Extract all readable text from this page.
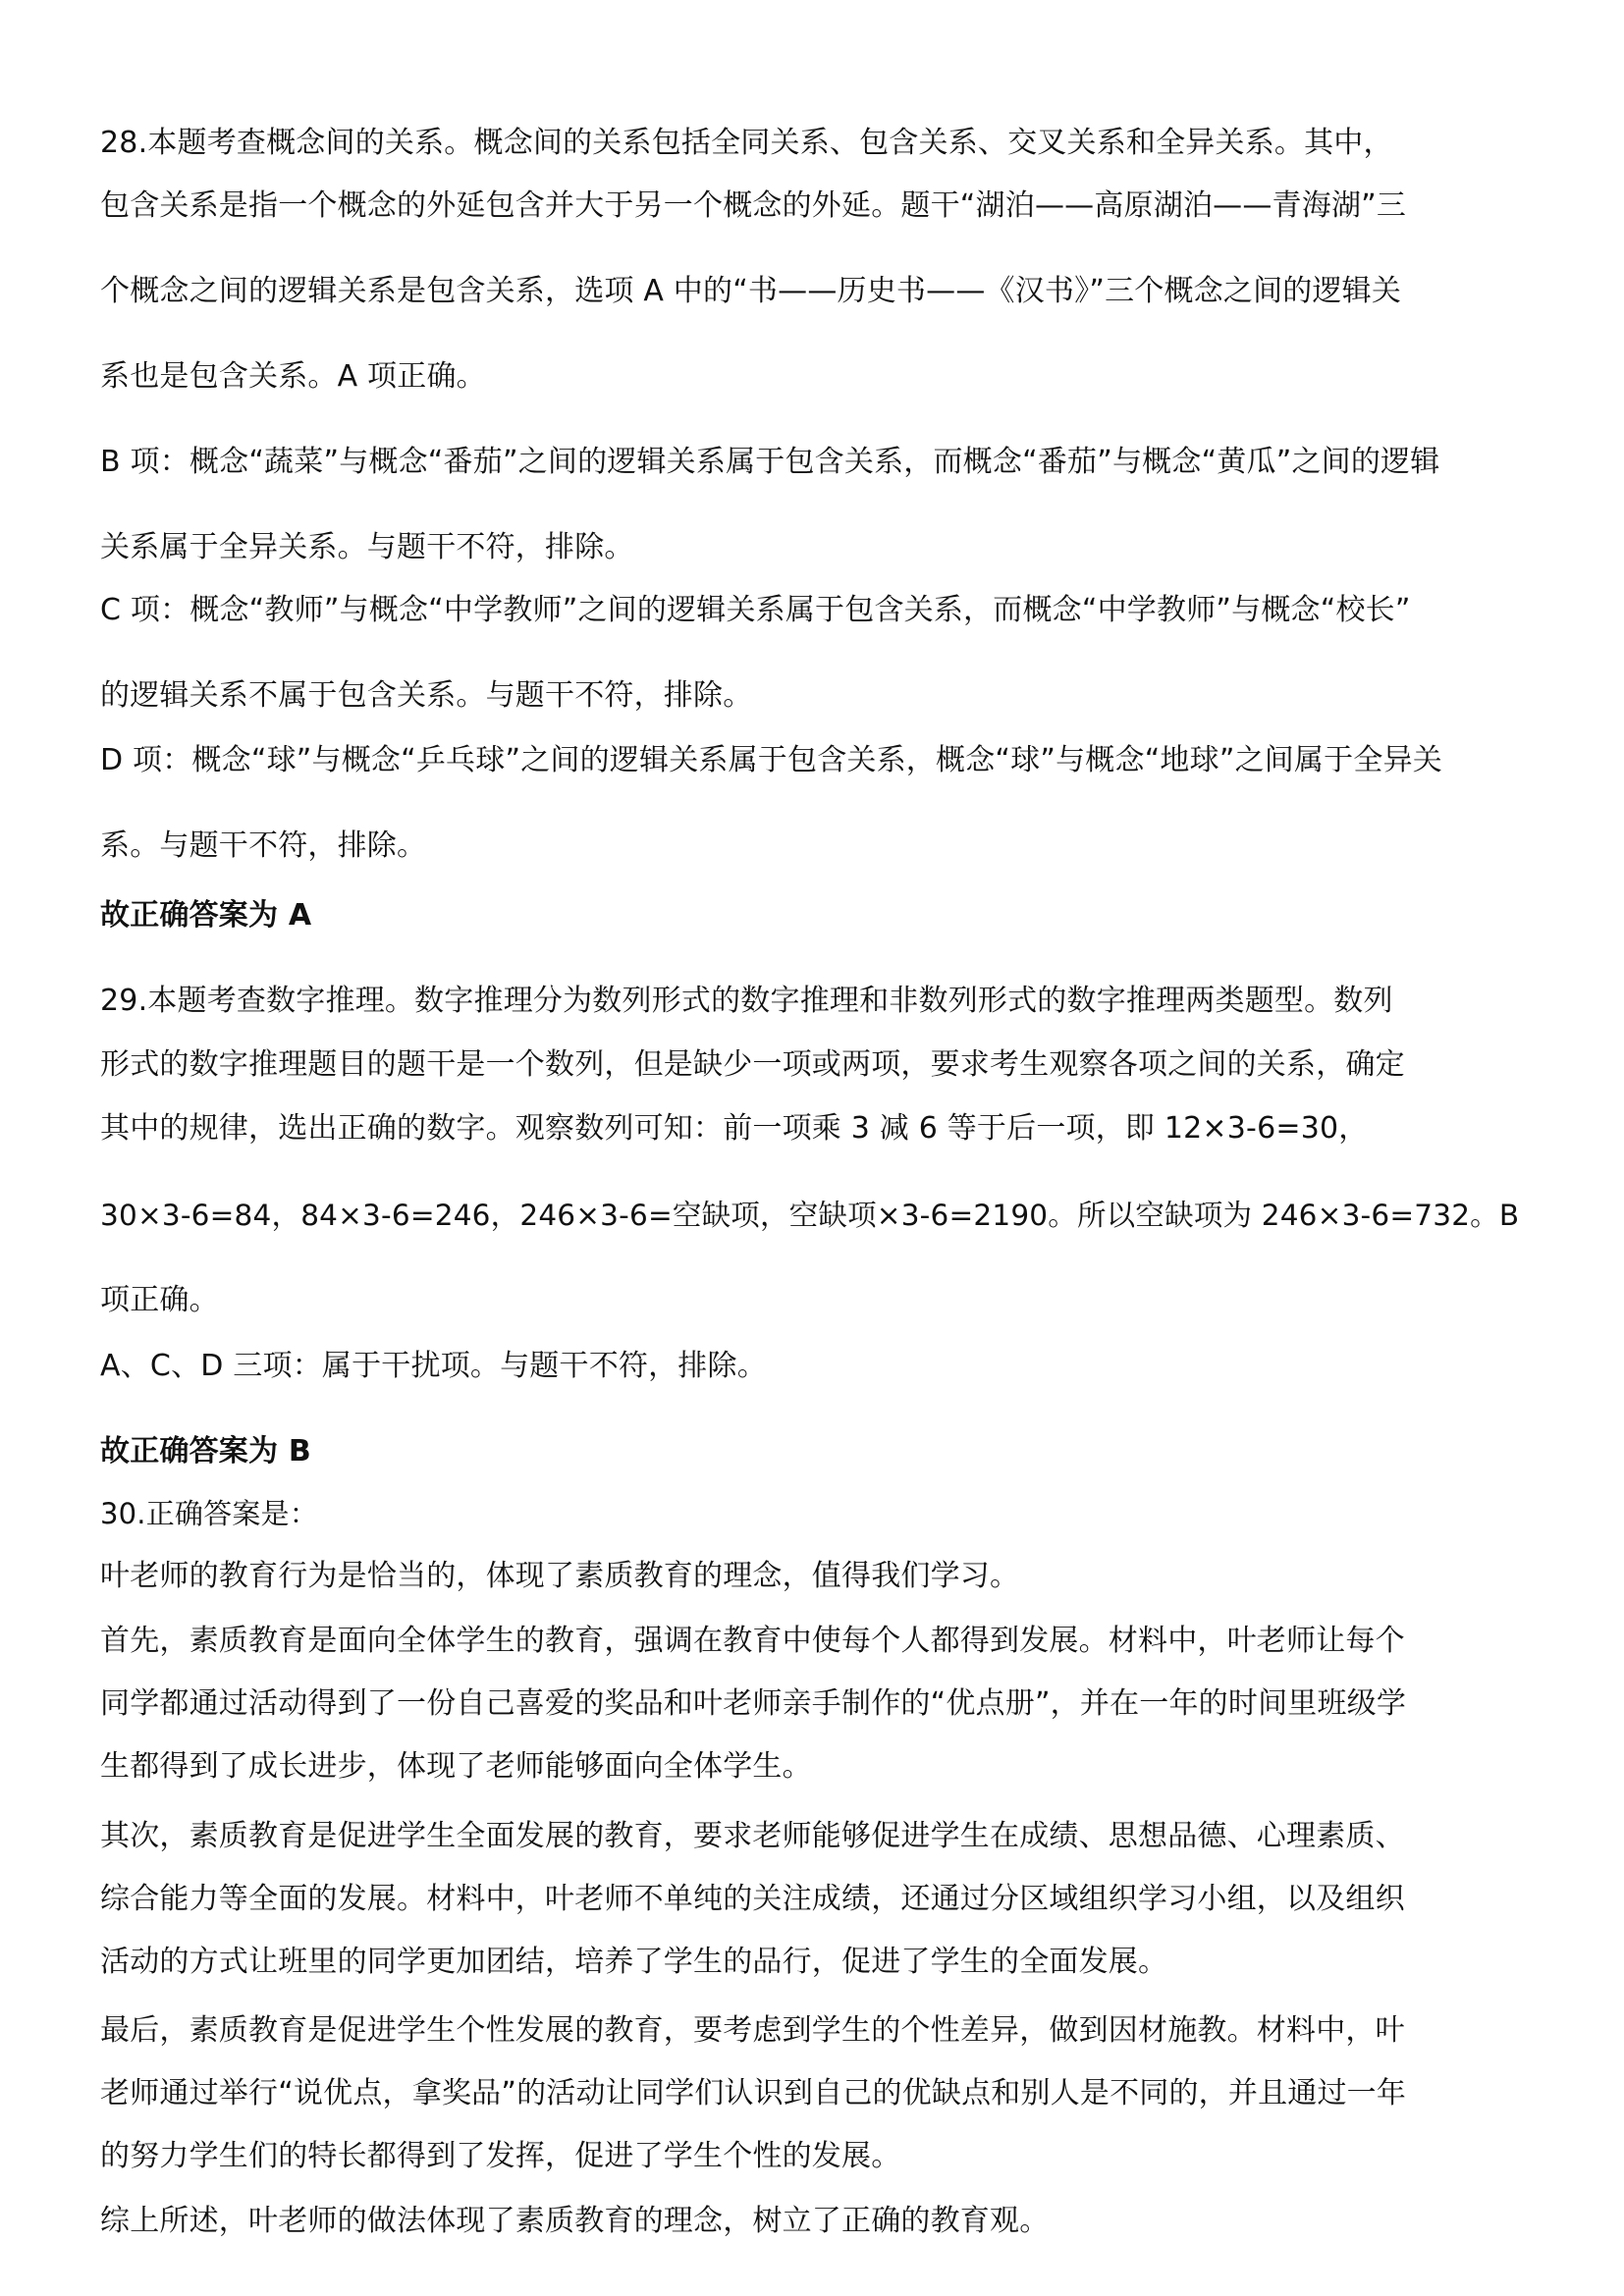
28.本题考查概念间的关系。概念间的关系包括全同关系、包含关系、交叉关系和全异关系。其中，
包含关系是指一个概念的外延包含并大于另一个概念的外延。题干“湖泊——高原湖泊——青海湖”三
个概念之间的逻辑关系是包含关系，选项 A 中的“书——历史书——《汉书》”三个概念之间的逻辑关
系也是包含关系。A 项正确。
B 项：概念“蔬菜”与概念“番茄”之间的逻辑关系属于包含关系，而概念“番茄”与概念“黄瓜”之间的逻辑
关系属于全异关系。与题干不符，排除。
C 项：概念“教师”与概念“中学教师”之间的逻辑关系属于包含关系，而概念“中学教师”与概念“校长”
的逻辑关系不属于包含关系。与题干不符，排除。
D 项：概念“球”与概念“乒乓球”之间的逻辑关系属于包含关系，概念“球”与概念“地球”之间属于全异关
系。与题干不符，排除。
故正确答案为 A
29.本题考查数字推理。数字推理分为数列形式的数字推理和非数列形式的数字推理两类题型。数列
形式的数字推理题目的题干是一个数列，但是缺少一项或两项，要求考生观察各项之间的关系，确定
其中的规律，选出正确的数字。观察数列可知：前一项乘 3 减 6 等于后一项，即 12×3-6=30，
30×3-6=84，84×3-6=246，246×3-6=空缺项，空缺项×3-6=2190。所以空缺项为 246×3-6=732。B
项正确。
A、C、D 三项：属于干扰项。与题干不符，排除。
故正确答案为 B
30.正确答案是：
叶老师的教育行为是恰当的，体现了素质教育的理念，值得我们学习。
首先，素质教育是面向全体学生的教育，强调在教育中使每个人都得到发展。材料中，叶老师让每个
同学都通过活动得到了一份自己喜爱的奖品和叶老师亲手制作的“优点册”，并在一年的时间里班级学
生都得到了成长进步，体现了老师能够面向全体学生。
其次，素质教育是促进学生全面发展的教育，要求老师能够促进学生在成绩、思想品德、心理素质、
综合能力等全面的发展。材料中，叶老师不单纯的关注成绩，还通过分区域组织学习小组，以及组织
活动的方式让班里的同学更加团结，培养了学生的品行，促进了学生的全面发展。
最后，素质教育是促进学生个性发展的教育，要考虑到学生的个性差异，做到因材施教。材料中，叶
老师通过举行“说优点，拿奖品”的活动让同学们认识到自己的优缺点和别人是不同的，并且通过一年
的努力学生们的特长都得到了发挥，促进了学生个性的发展。
综上所述，叶老师的做法体现了素质教育的理念，树立了正确的教育观。
